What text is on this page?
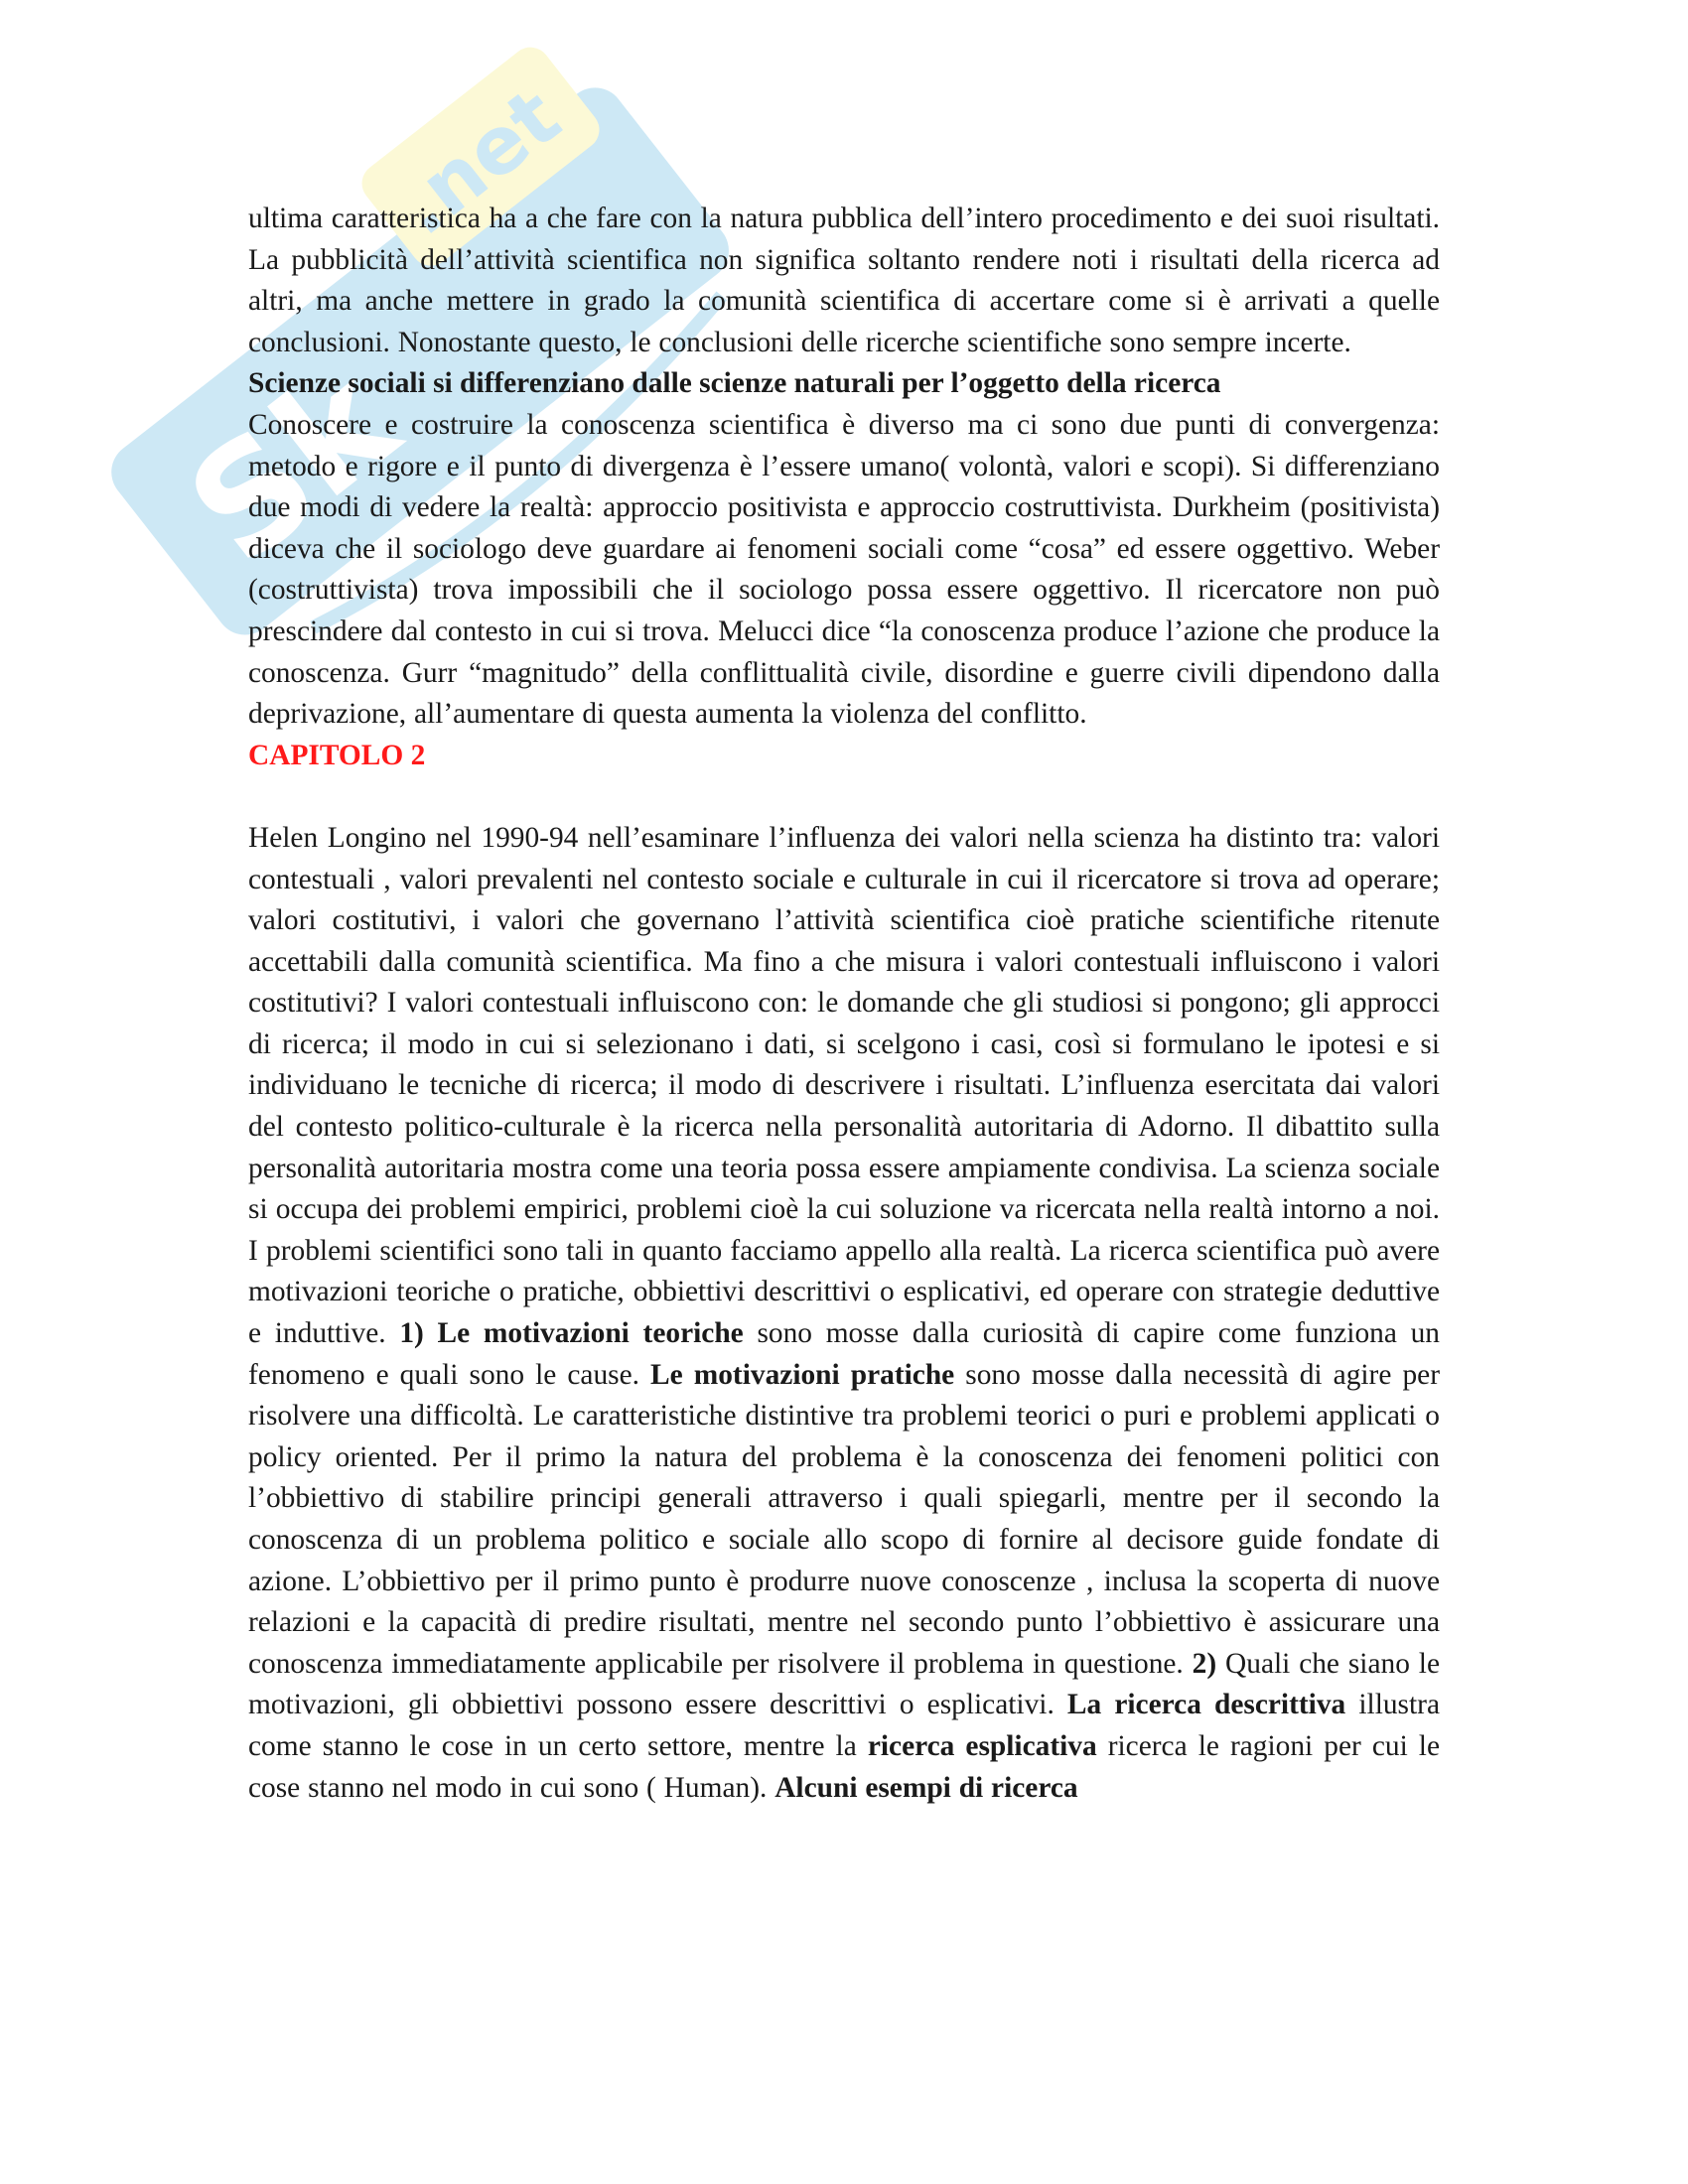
Sk
.net

ultima caratteristica ha a che fare con la natura pubblica dell’intero procedimento e dei suoi risultati. La pubblicità dell’attività scientifica non significa soltanto rendere noti i risultati della ricerca ad altri, ma anche mettere in grado la comunità scientifica di accertare come si è arrivati a quelle conclusioni. Nonostante questo, le conclusioni delle ricerche scientifiche sono sempre incerte.

Scienze sociali si differenziano dalle scienze naturali per l’oggetto della ricerca

Conoscere e costruire la conoscenza scientifica è diverso ma ci sono due punti di convergenza: metodo e rigore e il punto di divergenza è l’essere umano( volontà, valori e scopi). Si differenziano due modi di vedere la realtà: approccio positivista e approccio costruttivista. Durkheim (positivista) diceva che il sociologo deve guardare ai fenomeni sociali come “cosa” ed essere oggettivo. Weber (costruttivista) trova impossibili che il sociologo possa essere oggettivo. Il ricercatore non può prescindere dal contesto in cui si trova. Melucci dice “la conoscenza produce l’azione che produce la conoscenza. Gurr “magnitudo” della conflittualità civile, disordine e guerre civili dipendono dalla deprivazione, all’aumentare di questa aumenta la violenza del conflitto.

CAPITOLO 2

Helen Longino nel 1990-94 nell’esaminare l’influenza dei valori nella scienza ha distinto tra: valori contestuali , valori prevalenti nel contesto sociale e culturale in cui il ricercatore si trova ad operare; valori costitutivi, i valori che governano l’attività scientifica cioè pratiche scientifiche ritenute accettabili dalla comunità scientifica. Ma fino a che misura i valori contestuali influiscono i valori costitutivi? I valori contestuali influiscono con: le domande che gli studiosi si pongono; gli approcci di ricerca; il modo in cui si selezionano i dati, si scelgono i casi, così si formulano le ipotesi e si individuano le tecniche di ricerca; il modo di descrivere i risultati. L’influenza esercitata dai valori del contesto politico-culturale è la ricerca nella personalità autoritaria di Adorno. Il dibattito sulla personalità autoritaria mostra come una teoria possa essere ampiamente condivisa. La scienza sociale si occupa dei problemi empirici, problemi cioè la cui soluzione va ricercata nella realtà intorno a noi. I problemi scientifici sono tali in quanto facciamo appello alla realtà. La ricerca scientifica può avere motivazioni teoriche o pratiche, obbiettivi descrittivi o esplicativi, ed operare con strategie deduttive e induttive. 1) Le motivazioni teoriche sono mosse dalla curiosità di capire come funziona un fenomeno e quali sono le cause. Le motivazioni pratiche sono mosse dalla necessità di agire per risolvere una difficoltà. Le caratteristiche distintive tra problemi teorici o puri e problemi applicati o policy oriented. Per il primo la natura del problema è la conoscenza dei fenomeni politici con l’obbiettivo di stabilire principi generali attraverso i quali spiegarli, mentre per il secondo la conoscenza di un problema politico e sociale allo scopo di fornire al decisore guide fondate di azione. L’obbiettivo per il primo punto è produrre nuove conoscenze , inclusa la scoperta di nuove relazioni e la capacità di predire risultati, mentre nel secondo punto l’obbiettivo è assicurare una conoscenza immediatamente applicabile per risolvere il problema in questione. 2) Quali che siano le motivazioni, gli obbiettivi possono essere descrittivi o esplicativi. La ricerca descrittiva illustra come stanno le cose in un certo settore, mentre la ricerca esplicativa ricerca le ragioni per cui le cose stanno nel modo in cui sono ( Human). Alcuni esempi di ricerca
